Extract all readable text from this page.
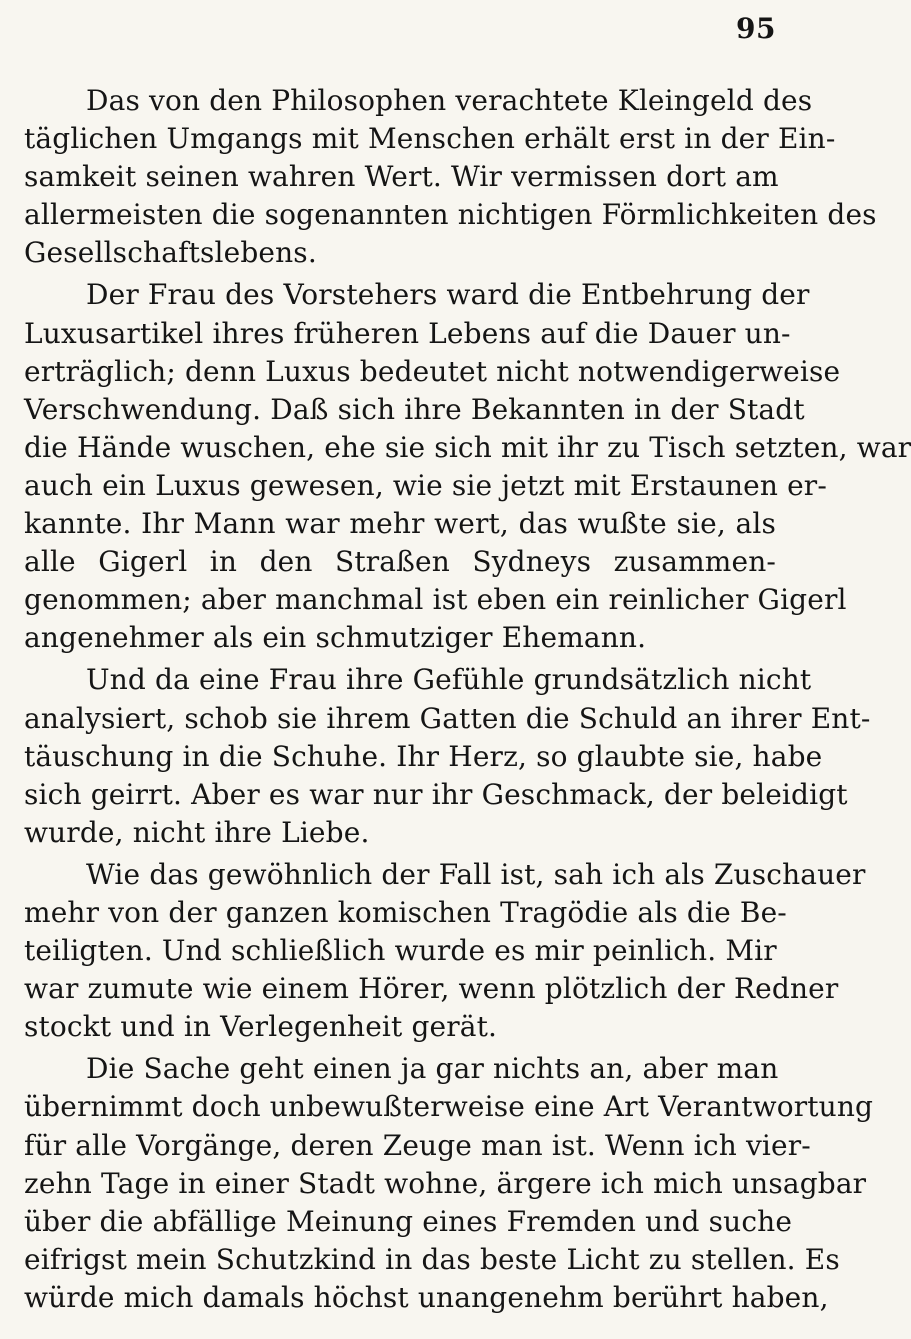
95
Das von den Philosophen verachtete Kleingeld des
täglichen Umgangs mit Menschen erhält erst in der Ein-
samkeit seinen wahren Wert. Wir vermissen dort am
allermeisten die sogenannten nichtigen Förmlichkeiten des
Gesellschaftslebens.
Der Frau des Vorstehers ward die Entbehrung der
Luxusartikel ihres früheren Lebens auf die Dauer un-
erträglich; denn Luxus bedeutet nicht notwendigerweise
Verschwendung. Daß sich ihre Bekannten in der Stadt
die Hände wuschen, ehe sie sich mit ihr zu Tisch setzten, war
auch ein Luxus gewesen, wie sie jetzt mit Erstaunen er-
kannte. Ihr Mann war mehr wert, das wußte sie, als
alle Gigerl in den Straßen Sydneys zusammen-
genommen; aber manchmal ist eben ein reinlicher Gigerl
angenehmer als ein schmutziger Ehemann.
Und da eine Frau ihre Gefühle grundsätzlich nicht
analysiert, schob sie ihrem Gatten die Schuld an ihrer Ent-
täuschung in die Schuhe. Ihr Herz, so glaubte sie, habe
sich geirrt. Aber es war nur ihr Geschmack, der beleidigt
wurde, nicht ihre Liebe.
Wie das gewöhnlich der Fall ist, sah ich als Zuschauer
mehr von der ganzen komischen Tragödie als die Be-
teiligten. Und schließlich wurde es mir peinlich. Mir
war zumute wie einem Hörer, wenn plötzlich der Redner
stockt und in Verlegenheit gerät.
Die Sache geht einen ja gar nichts an, aber man
übernimmt doch unbewußterweise eine Art Verantwortung
für alle Vorgänge, deren Zeuge man ist. Wenn ich vier-
zehn Tage in einer Stadt wohne, ärgere ich mich unsagbar
über die abfällige Meinung eines Fremden und suche
eifrigst mein Schutzkind in das beste Licht zu stellen. Es
würde mich damals höchst unangenehm berührt haben,
